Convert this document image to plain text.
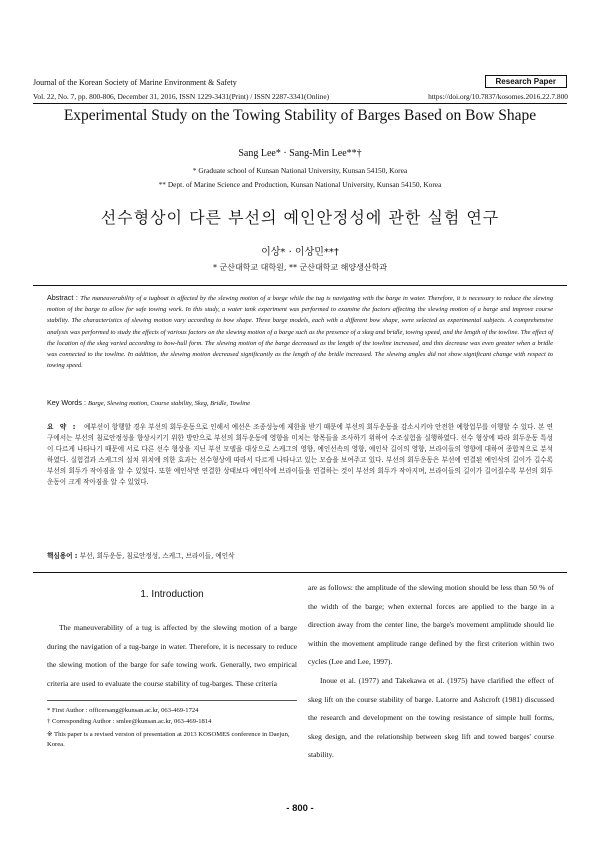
Journal of the Korean Society of Marine Environment & Safety	Research Paper
Vol. 22, No. 7, pp. 800-806, December 31, 2016, ISSN 1229-3431(Print) / ISSN 2287-3341(Online)	https://doi.org/10.7837/kosomes.2016.22.7.800
Experimental Study on the Towing Stability of Barges Based on Bow Shape
Sang Lee* · Sang-Min Lee**†
* Graduate school of Kunsan National University, Kunsan 54150, Korea
** Dept. of Marine Science and Production, Kunsan National University, Kunsan 54150, Korea
선수형상이 다른 부선의 예인안정성에 관한 실험 연구
이상* · 이상민**†
* 군산대학교 대학원, ** 군산대학교 해양생산학과
Abstract : The maneuverability of a tugboat is affected by the slewing motion of a barge while the tug is navigating with the barge in water. Therefore, it is necessary to reduce the slewing motion of the barge to allow for safe towing work. In this study, a water tank experiment was performed to examine the factors affecting the slewing motion of a barge and improve course stability. The characteristics of slewing motion vary according to bow shape. Three barge models, each with a different bow shape, were selected as experimental subjects. A comprehensive analysis was performed to study the effects of various factors on the slewing motion of a barge such as the presence of a skeg and bridle, towing speed, and the length of the towline. The effect of the location of the skeg varied according to bow-hull form. The slewing motion of the barge decreased as the length of the towline increased, and this decrease was even greater when a bridle was connected to the towline. In addition, the slewing motion decreased significantly as the length of the bridle increased. The slewing angles did not show significant change with respect to towing speed.
Key Words : Barge, Slewing motion, Course stability, Skeg, Bridle, Towline
요 약 : 예부선이 항행할 경우 부선의 회두운동으로 인해서 예선은 조종성능에 제한을 받기 때문에 부선의 회두운동을 감소시키야 안전한 예항업무를 이행할 수 있다. 본 연구에서는 부선의 침로안정성을 향상시키기 위한 방안으로 부선의 회두운동에 영향을 미치는 항목들을 조사하기 위하여 수조실험을 실행하였다. 선수 형상에 따라 회두운동 특성이 다르게 나타나기 때문에 서로 다른 선수 형상을 지닌 부선 모델을 대상으로 스케그의 영향, 예인선속의 영향, 예인삭 길이의 영향, 브라이들의 영향에 대하여 종합적으로 분석하였다. 실험결과 스케그의 설치 위치에 의한 효과는 선수형상에 따라서 다르게 나타나고 있는 모습을 보여주고 있다. 부선의 회두운동은 부선에 연결된 예인삭의 길이가 길수록 부선의 회두가 작아짐을 알 수 있었다. 또한 예인삭만 연결한 상태보다 예인삭에 브라이들을 연결하는 것이 부선의 회두가 작아지며, 브라이들의 길이가 길어질수록 부선의 회두운동이 크게 작아짐을 알 수 있었다.
핵심용어 : 부선, 회두운동, 침로안정성, 스케그, 브라이들, 예인삭
1. Introduction
The maneuverability of a tug is affected by the slewing motion of a barge during the navigation of a tug-barge in water. Therefore, it is necessary to reduce the slewing motion of the barge for safe towing work. Generally, two empirical criteria are used to evaluate the course stability of tug-barges. These criteria

are as follows: the amplitude of the slewing motion should be less than 50 % of the width of the barge; when external forces are applied to the barge in a direction away from the center line, the barge's movement amplitude should lie within the movement amplitude range defined by the first criterion within two cycles (Lee and Lee, 1997).

Inoue et al. (1977) and Takekawa et al. (1975) have clarified the effect of skeg lift on the course stability of barge. Latorre and Ashcroft (1981) discussed the research and development on the towing resistance of simple hull forms, skeg design, and the relationship between skeg lift and towed barges' course stability.

* First Author : officersang@kunsan.ac.kr, 063-469-1724
† Corresponding Author : smlee@kunsan.ac.kr, 063-469-1814
※ This paper is a revised version of presentation at 2013 KOSOMES conference in Daejun, Korea.
- 800 -
